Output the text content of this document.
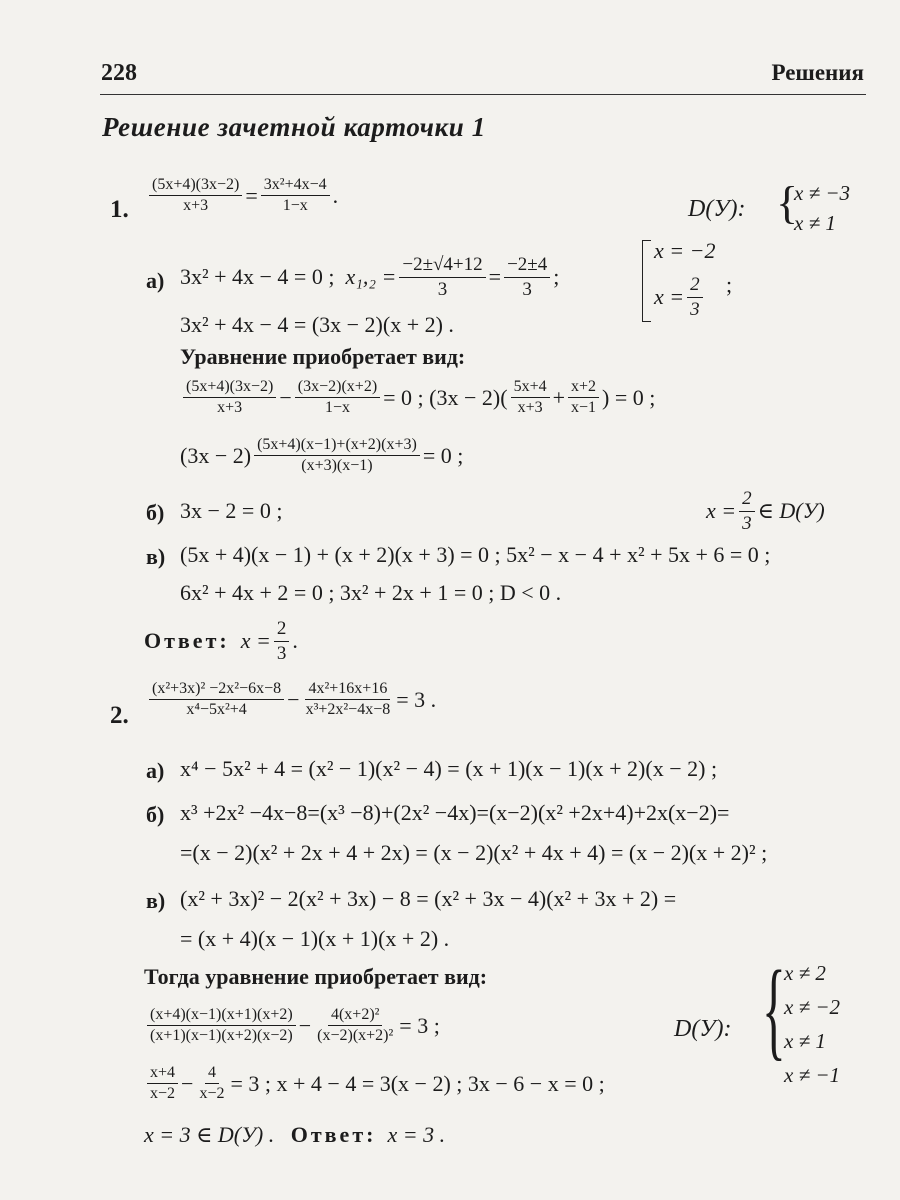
228	Решения
Решение зачетной карточки 1
1. $\frac{(5x+4)(3x-2)}{x+3} = \frac{\text{3x²+4x−4}}{1-x}$ .
D(У): {
x ≠ −3
x ≠ 1
а) 3x² + 4x − 4 = 0 ;
$x_1,_2 = \frac{-2\pm√4+12}{3} = \frac{-2\pm 4}{3}$ ;
x = −2
$x = \frac{2}{3}$ ;
3x² + 4x − 4 = (3x − 2)(x + 2) .
Уравнение приобретает вид:
$\frac{(5x+4)(3x-2)}{x+3} - \frac{(3x-2)(x+2)}{1-x} = 0$ ;
$(3x - 2)( \frac{5x+4}{x+3} + \frac{x+2}{x-1}$ ) = 0 ;
$(3x - 2) \frac{(5x+4)(x-1)+(x+2)(x+3)}{(x+3)(x-1)} = 0$ ;
б) 3x − 2 = 0 ;	$x = \frac{2}{3}$ ∈ D(У)
в) (5x + 4)(x − 1) + (x + 2)(x + 3) = 0 ; 5x² − x − 4 + x² + 5x + 6 = 0 ;
6x² + 4x + 2 = 0 ; 3x² + 2x + 1 = 0 ; D < 0 .
Ответ:
$x = \frac{2}{3}$ .
2. $\frac{\text{(x²+3x)² −2x²−6x−8}}{\text{x⁴−5x²+4}} - \frac{\text{4x²+16x+16}}{\text{x³+2x²−4x−8}} = 3$ .
а) x⁴ − 5x² + 4 = (x² − 1)(x² − 4) = (x + 1)(x − 1)(x + 2)(x − 2) ;
б) x³ +2x² −4x−8=(x³ −8)+(2x² −4x)=(x−2)(x² +2x+4)+2x(x−2)=
=(x − 2)(x² + 2x + 4 + 2x) = (x − 2)(x² + 4x + 4) = (x − 2)(x + 2)² ;
в) (x² + 3x)² − 2(x² + 3x) − 8 = (x² + 3x − 4)(x² + 3x + 2) =
= (x + 4)(x − 1)(x + 1)(x + 2) .
Тогда уравнение приобретает вид:
$\frac{(x+4)(x-1)(x+1)(x+2)}{(x+1)(x-1)(x+2)(x-2)} - \frac{\text{4(x+2)²}}{\text{(x−2)(x+2)²}} = 3$ ;	D(У): {
x ≠ 2
x ≠ −2
x ≠ 1
x ≠ −1
$\frac{x+4}{x-2} - \frac{4}{x-2} = 3$ ; x + 4 − 4 = 3(x − 2) ; 3x − 6 − x = 0 ;
x = 3 ∈ D(У) .
Ответ:
x = 3 .
